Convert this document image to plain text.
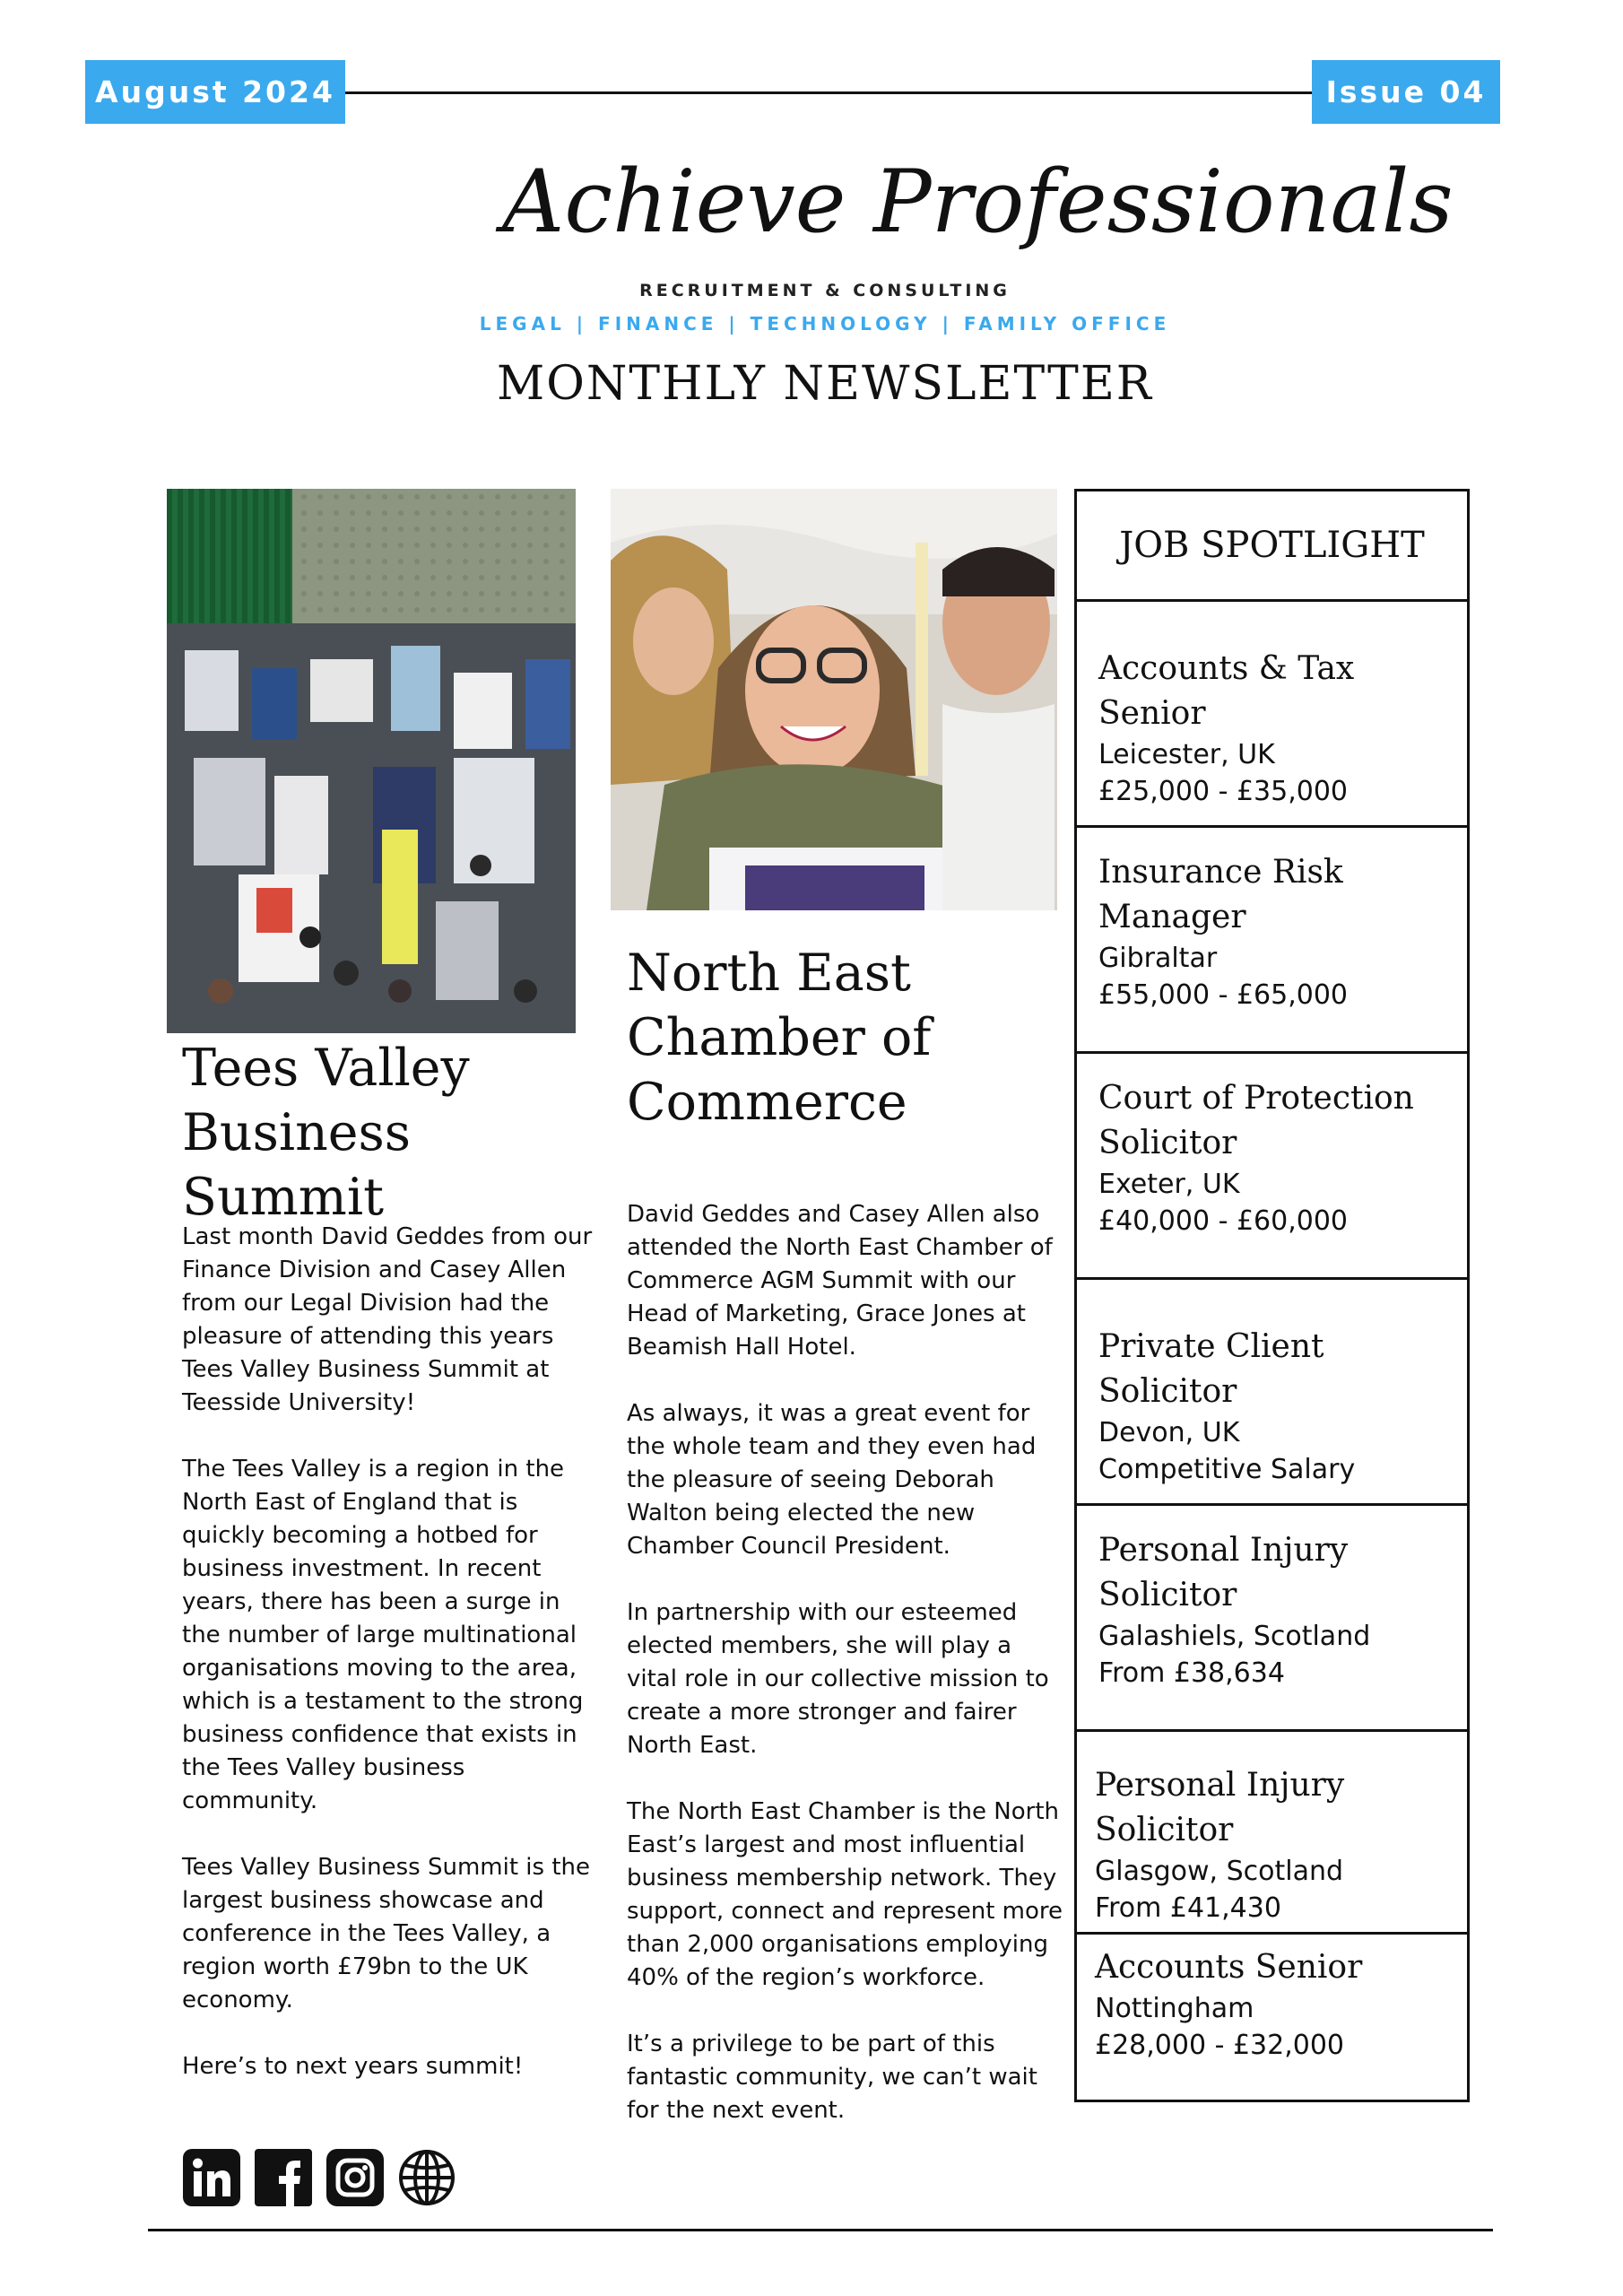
August 2024	Issue 04
Achieve Professionals
RECRUITMENT & CONSULTING
LEGAL | FINANCE | TECHNOLOGY | FAMILY OFFICE
MONTHLY NEWSLETTER
Tees Valley Business Summit
North East Chamber of Commerce

Last month David Geddes from our Finance Division and Casey Allen from our Legal Division had the pleasure of attending this years Tees Valley Business Summit at Teesside University!

The Tees Valley is a region in the North East of England that is quickly becoming a hotbed for business investment. In recent years, there has been a surge in the number of large multinational organisations moving to the area, which is a testament to the strong business confidence that exists in the Tees Valley business community.

Tees Valley Business Summit is the largest business showcase and conference in the Tees Valley, a region worth £79bn to the UK economy.

Here’s to next years summit!

David Geddes and Casey Allen also attended the North East Chamber of Commerce AGM Summit with our Head of Marketing, Grace Jones at Beamish Hall Hotel.

As always, it was a great event for the whole team and they even had the pleasure of seeing Deborah Walton being elected the new Chamber Council President.

In partnership with our esteemed elected members, she will play a vital role in our collective mission to create a more stronger and fairer North East.

The North East Chamber is the North East’s largest and most influential business membership network. They support, connect and represent more than 2,000 organisations employing 40% of the region’s workforce.

It’s a privilege to be part of this fantastic community, we can’t wait for the next event.

JOB SPOTLIGHT
Accounts & Tax Senior
Leicester, UK
£25,000 - £35,000
Insurance Risk Manager
Gibraltar
£55,000 - £65,000
Court of Protection Solicitor
Exeter, UK
£40,000 - £60,000
Private Client Solicitor
Devon, UK
Competitive Salary
Personal Injury Solicitor
Galashiels, Scotland
From £38,634
Personal Injury Solicitor
Glasgow, Scotland
From £41,430
Accounts Senior
Nottingham
£28,000 - £32,000
